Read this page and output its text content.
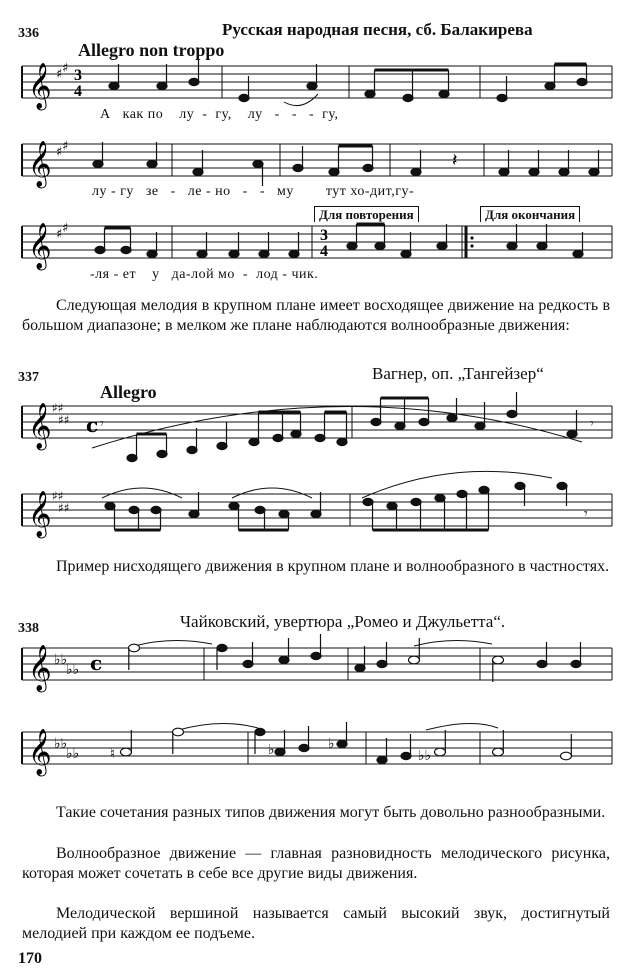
336	Русская народная песня, сб. Балакирева
Allegro non troppo
𝄞 ♯ ♯ 3
4
А   как по    лу  -  гу,    лу   -   -   -  гу,
𝄞 ♯ ♯
𝄽
лу - гу   зе   -   ле - но   -   -   му        тут хо-дит,гу-
Для повторения	Для окончания
𝄞 ♯ ♯	3
4
-ля - ет    у   да-лой мо  -  лод - чик.
Следующая мелодия в крупном плане имеет восходящее движение на редкость в большом диапазоне; в мелком же плане наблюдаются волнообразные движения:
337	Вагнер, оп. „Тангейзер“
Allegro
𝄞 ♯♯
♯♯ c 𝄾	𝄾
𝄞 ♯♯
♯♯	𝄾
Пример нисходящего движения в крупном плане и волнообразного в частностях.
338	Чайковский, увертюра „Ромео и Джульетта“.
𝄞 ♭♭
♭♭ c
𝄞 ♭♭
♭♭ ♮	♭	♭
♭♭
Такие сочетания разных типов движения могут быть довольно разнообразными.
Волнообразное движение — главная разновидность мелодического рисунка, которая может сочетать в себе все другие виды движения.
Мелодической вершиной называется самый высокий звук, достигнутый мелодией при каждом ее подъеме.
170
